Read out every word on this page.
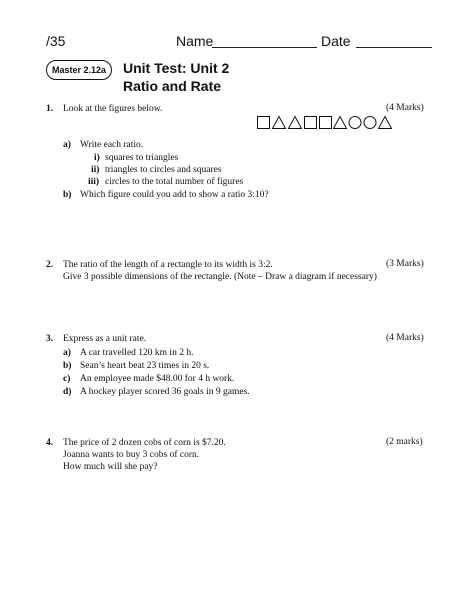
/35	Name	Date
Master 2.12a	Unit Test: Unit 2
Ratio and Rate
1. Look at the figures below.	(4 Marks)
a) Write each ratio.
i) squares to triangles
ii) triangles to circles and squares
iii) circles to the total number of figures
b) Which figure could you add to show a ratio 3:10?
2. The ratio of the length of a rectangle to its width is 3:2.
Give 3 possible dimensions of the rectangle. (Note – Draw a diagram if necessary)
(3 Marks)
3. Express as a unit rate.	(4 Marks)
a) A car travelled 120 km in 2 h.
b) Sean’s heart beat 23 times in 20 s.
c) An employee made $48.00 for 4 h work.
d) A hockey player scored 36 goals in 9 games.
4. The price of 2 dozen cobs of corn is $7.20.
Joanna wants to buy 3 cobs of corn.
How much will she pay?
(2 marks)
